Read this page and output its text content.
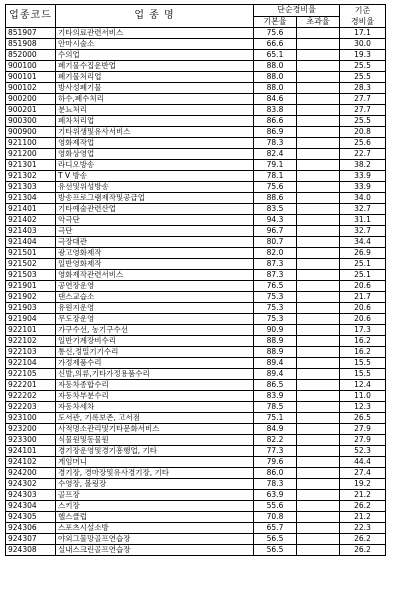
업종코드	업 종 명	단순경비율		기준
경비율
		기본율	초과율	
851907	기타의료관련서비스	75.6		17.1
851908	안마시술소	66.6		30.0
852000	수의업	65.1		19.3
900100	폐기물수집운반업	88.0		25.5
900101	폐기물처리업	88.0		25.5
900102	방사성폐기물	88.0		28.3
900200	하수,폐수처리	84.6		27.7
900201	분뇨처리	83.8		27.7
900300	폐차처리업	86.6		25.5
900900	기타위생및유사서비스	86.9		20.8
921100	영화제작업	78.3		25.6
921200	영화상영업	82.4		22.7
921301	라디오방송	79.1		38.2
921302	T V 방송	78.1		33.9
921303	유선및위성방송	75.6		33.9
921304	방송프로그램제작및공급업	88.6		34.0
921401	기타예술관련산업	83.5		32.7
921402	악극단	94.3		31.1
921403	극단	96.7		32.7
921404	극장대관	80.7		34.4
921501	광고영화제작	82.0		26.9
921502	일반영화제작	87.3		25.1
921503	영화제작관련서비스	87.3		25.1
921901	공연장운영	76.5		20.6
921902	댄스교습소	75.3		21.7
921903	유원지운영	75.3		20.6
921904	무도장운영	75.3		20.6
922101	가구수선, 농기구수선	90.9		17.3
922102	일반기계장비수리	88.9		16.2
922103	통신,정밀기기수리	88.9		16.2
922104	가정제품수리	89.4		15.5
922105	신발,의류,기타가정용품수리	89.4		15.5
922201	자동차종합수리	86.5		12.4
922202	자동차부분수리	83.9		11.0
922203	자동차세차	78.5		12.3
923100	도서관, 기록보존, 고서점	75.1		26.5
923200	사적명소관리및기타문화서비스	84.9		27.9
923300	식물원및동물원	82.2		27.9
924101	경기장운영및경기흥행업, 기타	77.3		52.3
924102	게임머니	79.6		44.4
924200	경기장, 경마장및유사경기장, 기타	86.0		27.4
924302	수영장, 볼링장	78.3		19.2
924303	골프장	63.9		21.2
924304	스키장	55.6		26.2
924305	헬스클럽	70.8		21.2
924306	스포츠시설소방	65.7		22.3
924307	야외그물망골프연습장	56.5		26.2
924308	실내스크린골프연습장	56.5		26.2
